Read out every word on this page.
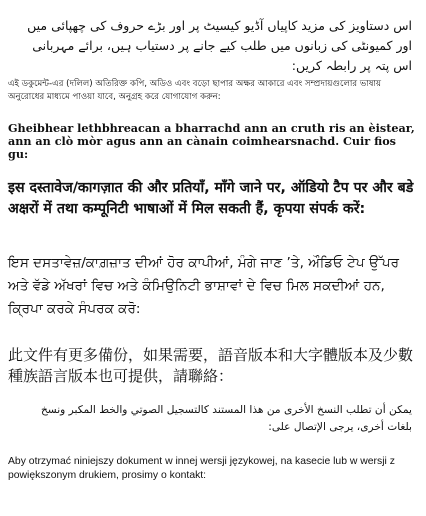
اس دستاویز کی مزید کاپیاں آڈیو کیسیٹ پر اور بڑے حروف کی چھپائی میں اور کمیونٹی کی زبانوں میں طلب کیے جانے پر دستیاب ہیں، برائے مہربانی اس پتہ پر رابطہ کریں:

এই ডকুমেন্ট-এর (দলিল) অতিরিক্ত কপি, অডিও এবং বড়ো ছাপার অক্ষর আকারে এবং সম্প্রদায়গুলোর ভাষায় অনুরোধের মাধ্যমে পাওয়া যাবে, অনুগ্রহ করে যোগাযোগ করুন:

Gheibhear lethbhreacan a bharrachd ann an cruth ris an èistear, ann an clò mòr agus ann an cànain coimhearsnachd. Cuir fios gu:

इस दस्तावेज/कागज़ात की और प्रतियाँ, माँगे जाने पर, ऑडियो टैप पर और बडे अक्षरों में तथा कम्पूनिटी भाषाओं में मिल सकती हैं, कृपया संपर्क करें:

ਇਸ ਦਸਤਾਵੇਜ਼/ਕਾਗ਼ਜ਼ਾਤ ਦੀਆਂ ਹੋਰ ਕਾਪੀਆਂ, ਮੰਗੇ ਜਾਣ ’ਤੇ, ਔਡਿਓ ਟੇਪ ਉੱਪਰ ਅਤੇ ਵੱਡੇ ਅੱਖਰਾਂ ਵਿਚ ਅਤੇ ਕੰਮਿਉਨਿਟੀ ਭਾਸ਼ਾਵਾਂ ਦੇ ਵਿਚ ਮਿਲ ਸਕਦੀਆਂ ਹਨ, ਕ੍ਰਿਪਾ ਕਰਕੇ ਸੰਪਰਕ ਕਰੋ:

此文件有更多備份，如果需要，語音版本和大字體版本及少數種族語言版本也可提供，請聯絡：

يمكن أن تطلب النسخ الأخرى من هذا المستند كالتسجيل الصوتي والخط المكبر ونسخ بلغات أخرى، يرجى الإتصال على:

Aby otrzymać niniejszy dokument w innej wersji językowej, na kasecie lub w wersji z powiększonym drukiem, prosimy o kontakt:
